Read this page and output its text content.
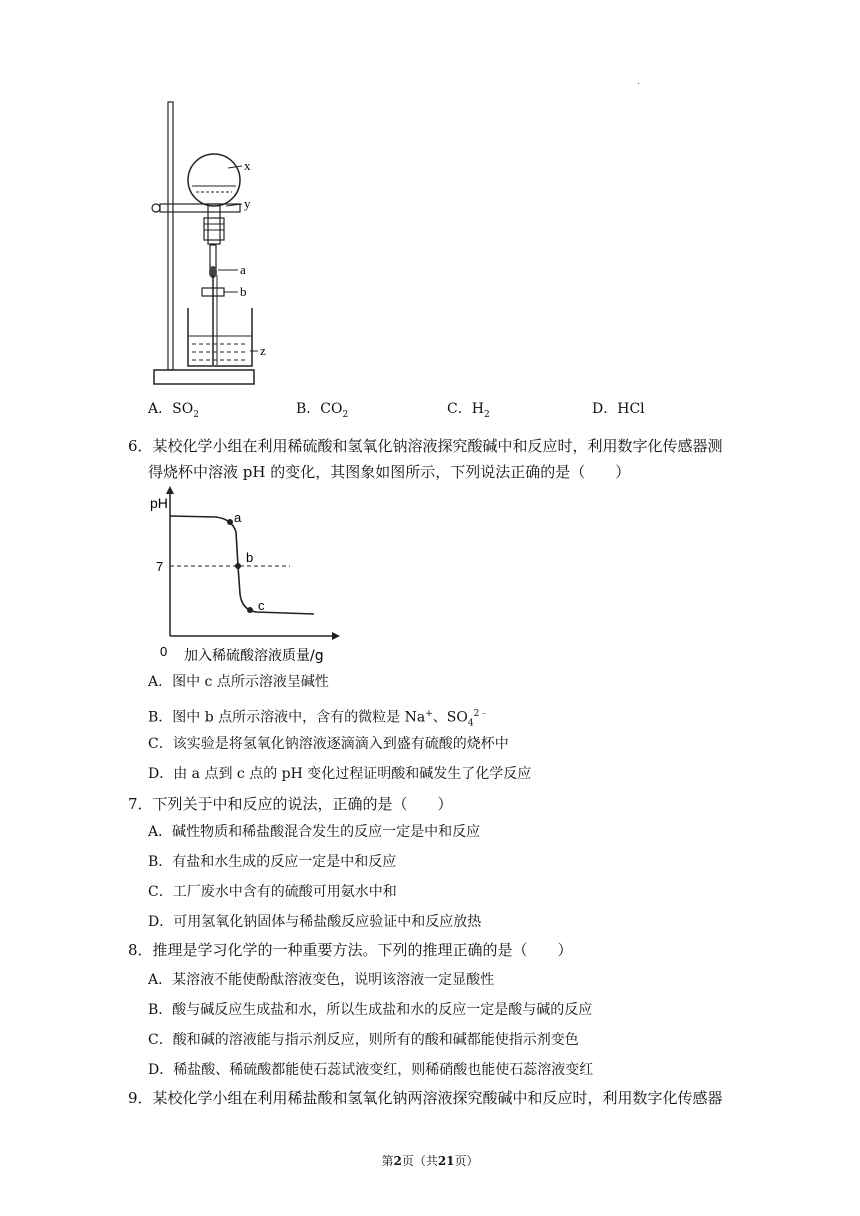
.
x
y
a
b
z
A．$SO_2$	B．$CO_2$	C．$H_2$	D．HCl
6．某校化学小组在利用稀硫酸和氢氧化钠溶液探究酸碱中和反应时，利用数字化传感器测
得烧杯中溶液 pH 的变化，其图象如图所示，下列说法正确的是（　　）
pH
7
0
a
b
c
加入稀硫酸溶液质量/g
A．图中 c 点所示溶液呈碱性
B．图中 b 点所示溶液中，含有的微粒是 Na+、$SO_4^{2﹣}$
C．该实验是将氢氧化钠溶液逐滴滴入到盛有硫酸的烧杯中
D．由 a 点到 c 点的 pH 变化过程证明酸和碱发生了化学反应
7．下列关于中和反应的说法，正确的是（　　）
A．碱性物质和稀盐酸混合发生的反应一定是中和反应
B．有盐和水生成的反应一定是中和反应
C．工厂废水中含有的硫酸可用氨水中和
D．可用氢氧化钠固体与稀盐酸反应验证中和反应放热
8．推理是学习化学的一种重要方法。下列的推理正确的是（　　）
A．某溶液不能使酚酞溶液变色，说明该溶液一定显酸性
B．酸与碱反应生成盐和水，所以生成盐和水的反应一定是酸与碱的反应
C．酸和碱的溶液能与指示剂反应，则所有的酸和碱都能使指示剂变色
D．稀盐酸、稀硫酸都能使石蕊试液变红，则稀硝酸也能使石蕊溶液变红
9．某校化学小组在利用稀盐酸和氢氧化钠两溶液探究酸碱中和反应时，利用数字化传感器
第2页（共21页）
